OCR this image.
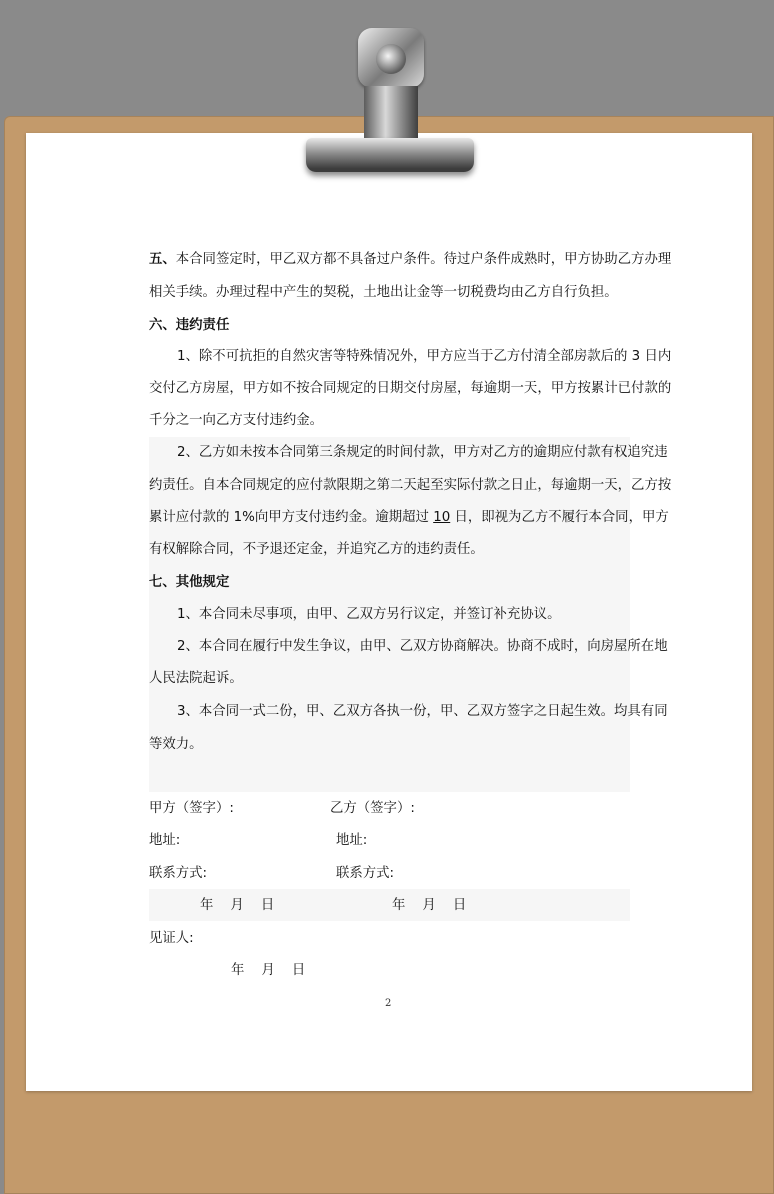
五、本合同签定时，甲乙双方都不具备过户条件。待过户条件成熟时，甲方协助乙方办理

相关手续。办理过程中产生的契税，土地出让金等一切税费均由乙方自行负担。

六、违约责任

1、除不可抗拒的自然灾害等特殊情况外，甲方应当于乙方付清全部房款后的 3 日内

交付乙方房屋，甲方如不按合同规定的日期交付房屋，每逾期一天，甲方按累计已付款的

千分之一向乙方支付违约金。

2、乙方如未按本合同第三条规定的时间付款，甲方对乙方的逾期应付款有权追究违

约责任。自本合同规定的应付款限期之第二天起至实际付款之日止，每逾期一天，乙方按

累计应付款的 1%向甲方支付违约金。逾期超过 10 日，即视为乙方不履行本合同，甲方

有权解除合同，不予退还定金，并追究乙方的违约责任。

七、其他规定

1、本合同未尽事项，由甲、乙双方另行议定，并签订补充协议。

2、本合同在履行中发生争议，由甲、乙双方协商解决。协商不成时，向房屋所在地

人民法院起诉。

3、本合同一式二份，甲、乙双方各执一份，甲、乙双方签字之日起生效。均具有同

等效力。

甲方（签字）:	乙方（签字）:

地址:	地址:

联系方式:	联系方式:

年    月    日	年    月    日

见证人:

年    月    日

2
